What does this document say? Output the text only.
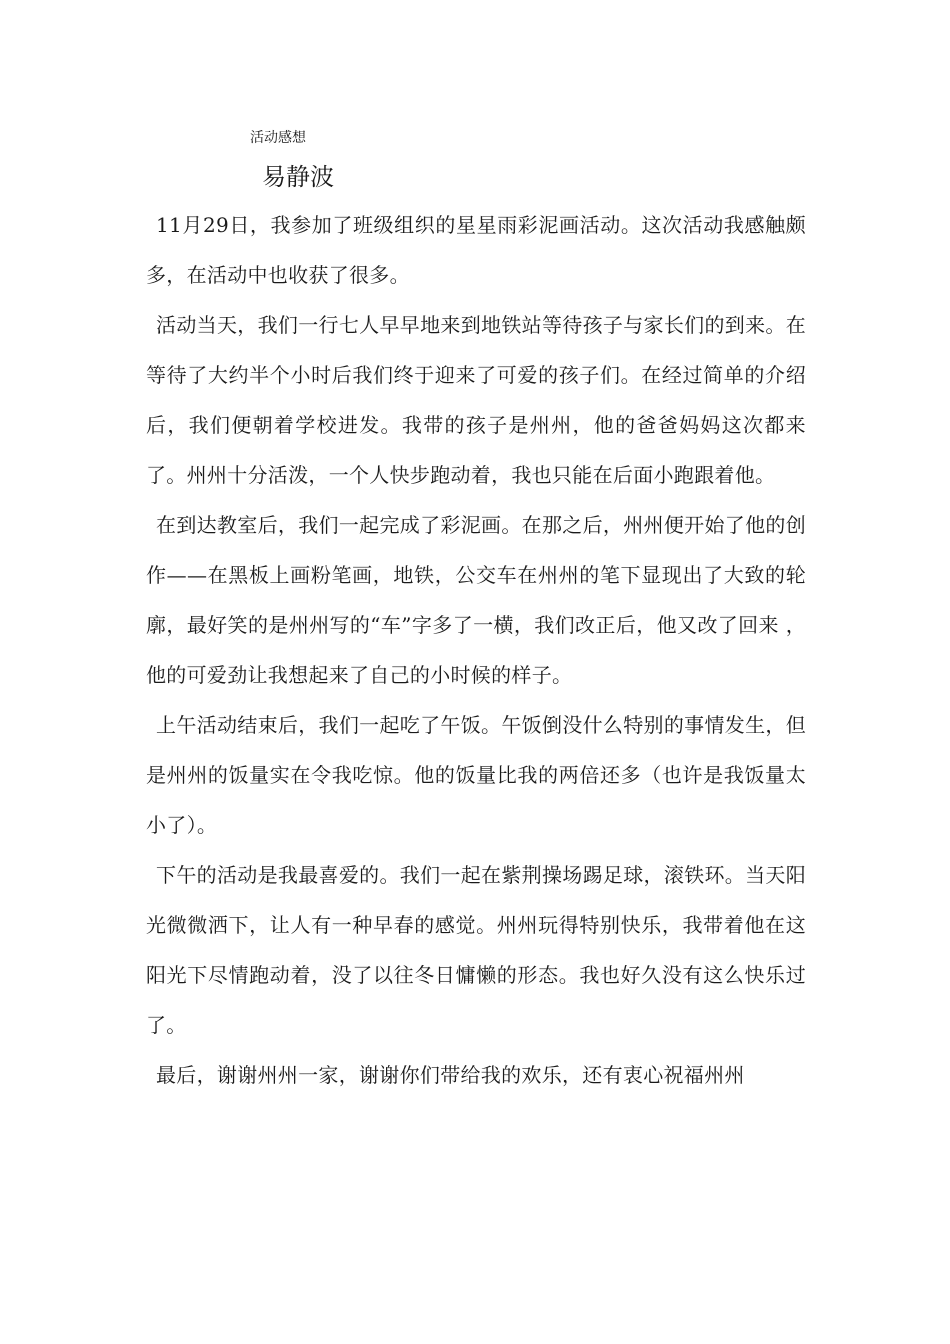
活动感想
易静波

11月29日，我参加了班级组织的星星雨彩泥画活动。这次活动我感触颇多，在活动中也收获了很多。

活动当天，我们一行七人早早地来到地铁站等待孩子与家长们的到来。在等待了大约半个小时后我们终于迎来了可爱的孩子们。在经过简单的介绍后，我们便朝着学校进发。我带的孩子是州州，他的爸爸妈妈这次都来了。州州十分活泼，一个人快步跑动着，我也只能在后面小跑跟着他。

在到达教室后，我们一起完成了彩泥画。在那之后，州州便开始了他的创作——在黑板上画粉笔画，地铁，公交车在州州的笔下显现出了大致的轮廓，最好笑的是州州写的“车”字多了一横，我们改正后，他又改了回来 ，他的可爱劲让我想起来了自己的小时候的样子。

上午活动结束后，我们一起吃了午饭。午饭倒没什么特别的事情发生，但是州州的饭量实在令我吃惊。他的饭量比我的两倍还多（也许是我饭量太小了）。

下午的活动是我最喜爱的。我们一起在紫荆操场踢足球，滚铁环。当天阳光微微洒下，让人有一种早春的感觉。州州玩得特别快乐，我带着他在这阳光下尽情跑动着，没了以往冬日慵懒的形态。我也好久没有这么快乐过了。

最后，谢谢州州一家，谢谢你们带给我的欢乐，还有衷心祝福州州
